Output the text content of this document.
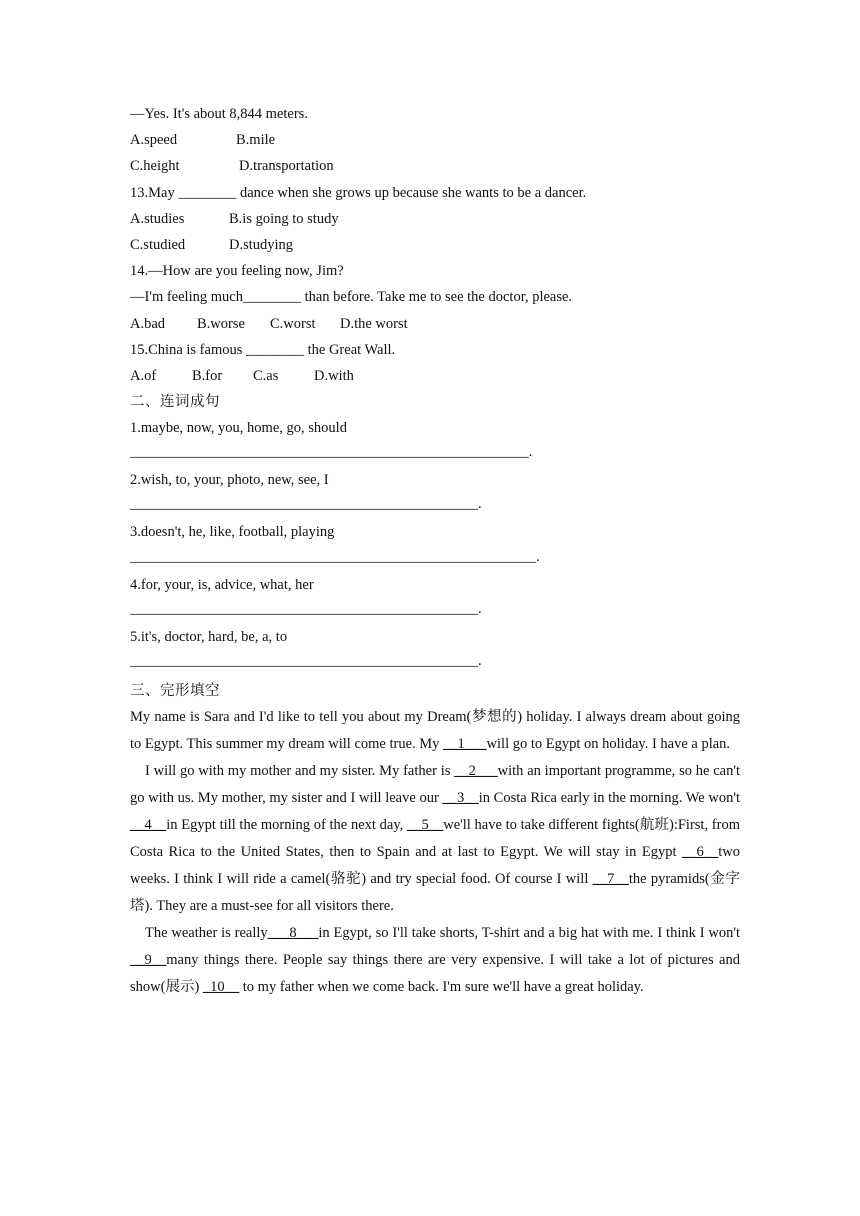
—Yes. It's about 8,844 meters.
A.speed	B.mile
C.height	D.transportation
13.May ________ dance when she grows up because she wants to be a dancer.
A.studies	B.is going to study
C.studied	D.studying
14.—How are you feeling now, Jim?
—I'm feeling much________ than before. Take me to see the doctor, please.
A.bad B.worse C.worst D.the worst
15.China is famous ________ the Great Wall.
A.of B.for C.as D.with
二、连词成句
1.maybe, now, you, home, go, should
_______________________________________________________.
2.wish, to, your, photo, new, see, I
________________________________________________.
3.doesn't, he, like, football, playing
________________________________________________________.
4.for, your, is, advice, what, her
________________________________________________.
5.it's, doctor, hard, be, a, to
________________________________________________.
三、完形填空
My name is Sara and I'd like to tell you about my Dream(梦想的) holiday. I always dream about going to Egypt. This summer my dream will come true. My __1___will go to Egypt on holiday. I have a plan.
I will go with my mother and my sister. My father is __2___with an important programme, so he can't go with us. My mother, my sister and I will leave our __3__in Costa Rica early in the morning. We won't __4__in Egypt till the morning of the next day, __5__we'll have to take different fights(航班):First, from Costa Rica to the United States, then to Spain and at last to Egypt. We will stay in Egypt __6__two weeks. I think I will ride a camel(骆驼) and try special food. Of course I will __7__the pyramids(金字塔). They are a must-see for all visitors there.
The weather is really___8___in Egypt, so I'll take shorts, T-shirt and a big hat with me. I think I won't __9__many things there. People say things there are very expensive. I will take a lot of pictures and show(展示) _10__ to my father when we come back. I'm sure we'll have a great holiday.
